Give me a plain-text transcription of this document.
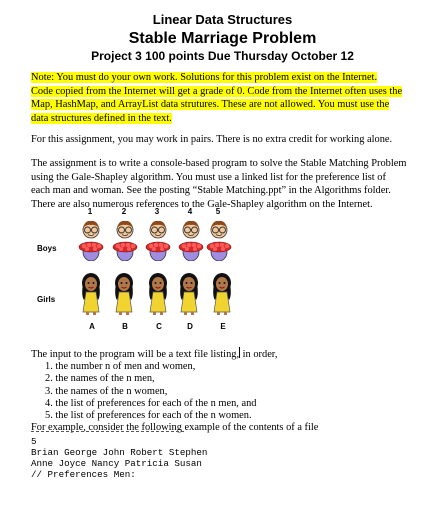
Linear Data Structures
Stable Marriage Problem
Project 3 100 points Due Thursday October 12
Note: You must do your own work. Solutions for this problem exist on the Internet.
Code copied from the Internet will get a grade of 0. Code from the Internet often uses the
Map, HashMap, and ArrayList data strutures. These are not allowed. You must use the
data structures defined in the text.
For this assignment, you may work in pairs. There is no extra credit for working alone.
The assignment is to write a console-based program to solve the Stable Matching Problem
using the Gale-Shapley algorithm. You must use a linked list for the preference list of
each man and woman. See the posting “Stable Matching.ppt” in the Algorithms folder.
There are also numerous references to the Gale-Shapley algorithm on the Internet.
1	2	3	4	5
Boys
Girls
A	B	C	D	E
The input to the program will be a text file listing, in order,
1. the number n of men and women,
2. the names of the n men,
3. the names of the n women,
4. the list of preferences for each of the n men, and
5. the list of preferences for each of the n women.
For example, consider the following example of the contents of a file
5
Brian George John Robert Stephen
Anne Joyce Nancy Patricia Susan
// Preferences Men:
